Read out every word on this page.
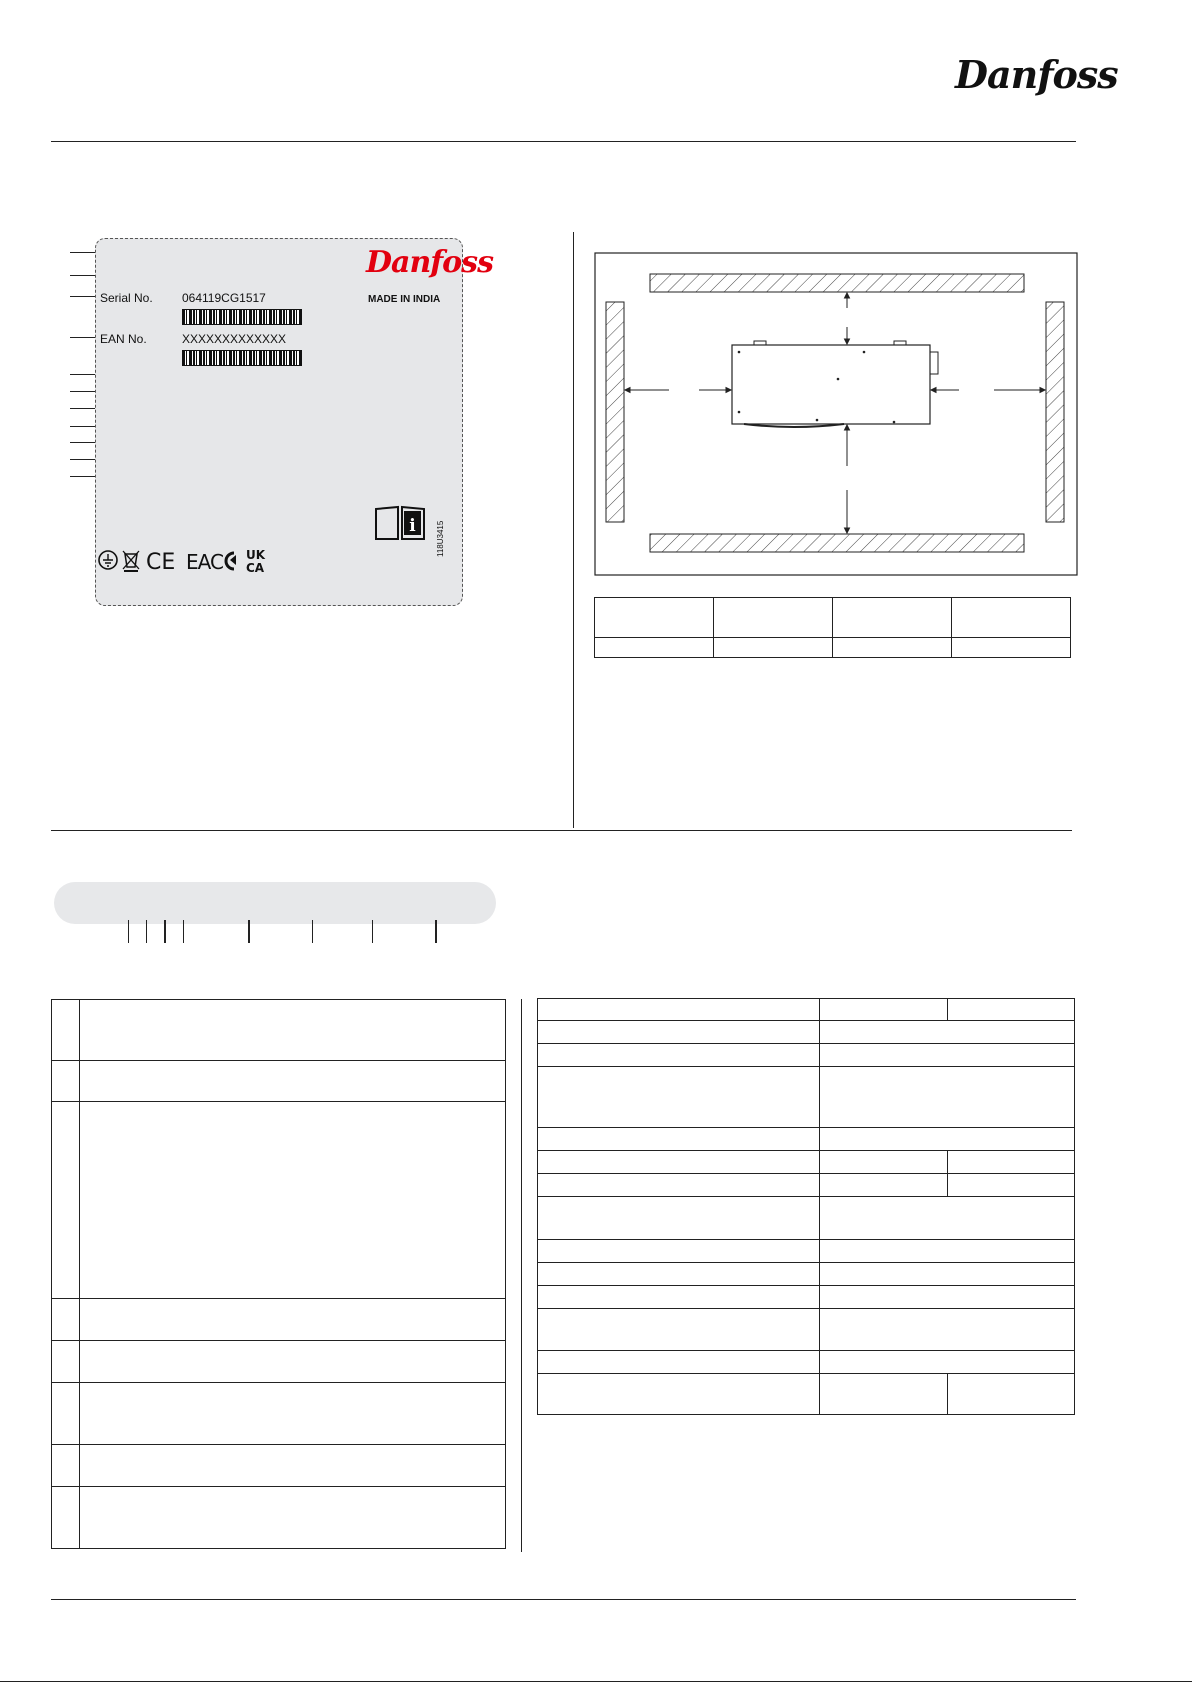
Danfoss
Danfoss
MADE IN INDIA
Serial No. 064119CG1517
EAN No.	XXXXXXXXXXXXX
i	118U3415
CE EAC UK
CA
